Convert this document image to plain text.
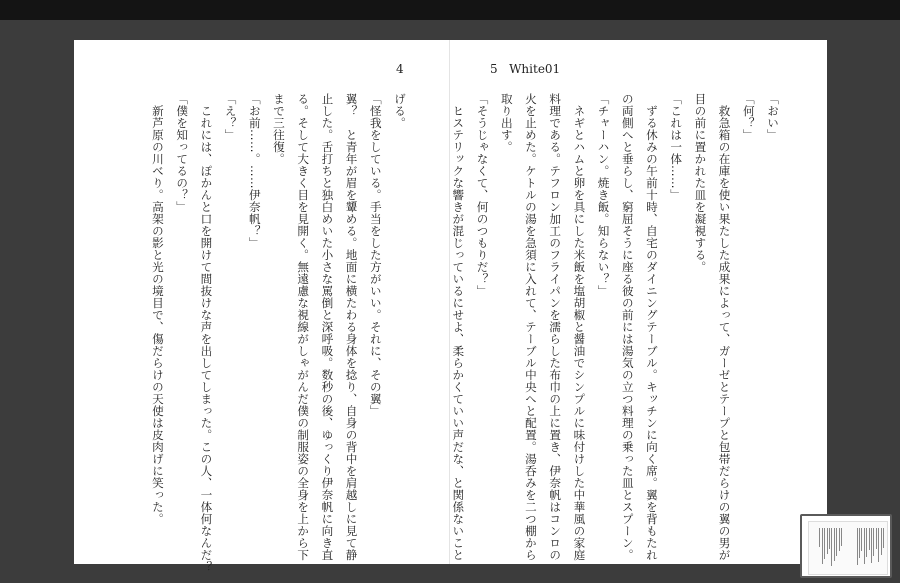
4
げる。
「怪我をしている。手当をした方がいい。それに、その翼」
翼？　と青年が眉を顰める。地面に横たわる身体を捻り、自身の背中を肩越しに見て静
止した。舌打ちと独白めいた小さな罵倒と深呼吸。数秒の後、ゆっくり伊奈帆に向き直
る。そして大きく目を見開く。無遠慮な視線がしゃがんだ僕の制服姿の全身を上から下
まで三往復。
「お前……。……伊奈帆？」
「え？」
　これには、ぽかんと口を開けて間抜けな声を出してしまった。この人、一体何なんだ？
「僕を知ってるの？」
　新芦原の川べり。高架の影と光の境目で、傷だらけの天使は皮肉げに笑った。
5 White01
「おい」
「何？」
　救急箱の在庫を使い果たした成果によって、ガーゼとテープと包帯だらけの翼の男が
目の前に置かれた皿を凝視する。
「これは一体……」
　ずる休みの午前十時、自宅のダイニングテーブル。キッチンに向く席。翼を背もたれ
の両側へと垂らし、窮屈そうに座る彼の前には湯気の立つ料理の乗った皿とスプーン。
「チャーハン。焼き飯。知らない？」
　ネギとハムと卵を具にした米飯を塩胡椒と醤油でシンプルに味付けした中華風の家庭
料理である。テフロン加工のフライパンを濡らした布巾の上に置き、伊奈帆はコンロの
火を止めた。ケトルの湯を急須に入れて、テーブル中央へと配置。湯呑みを二つ棚から
取り出す。
「そうじゃなくて、何のつもりだ？」
　ヒステリックな響きが混じっているにせよ、柔らかくていい声だな、と関係ないこと
